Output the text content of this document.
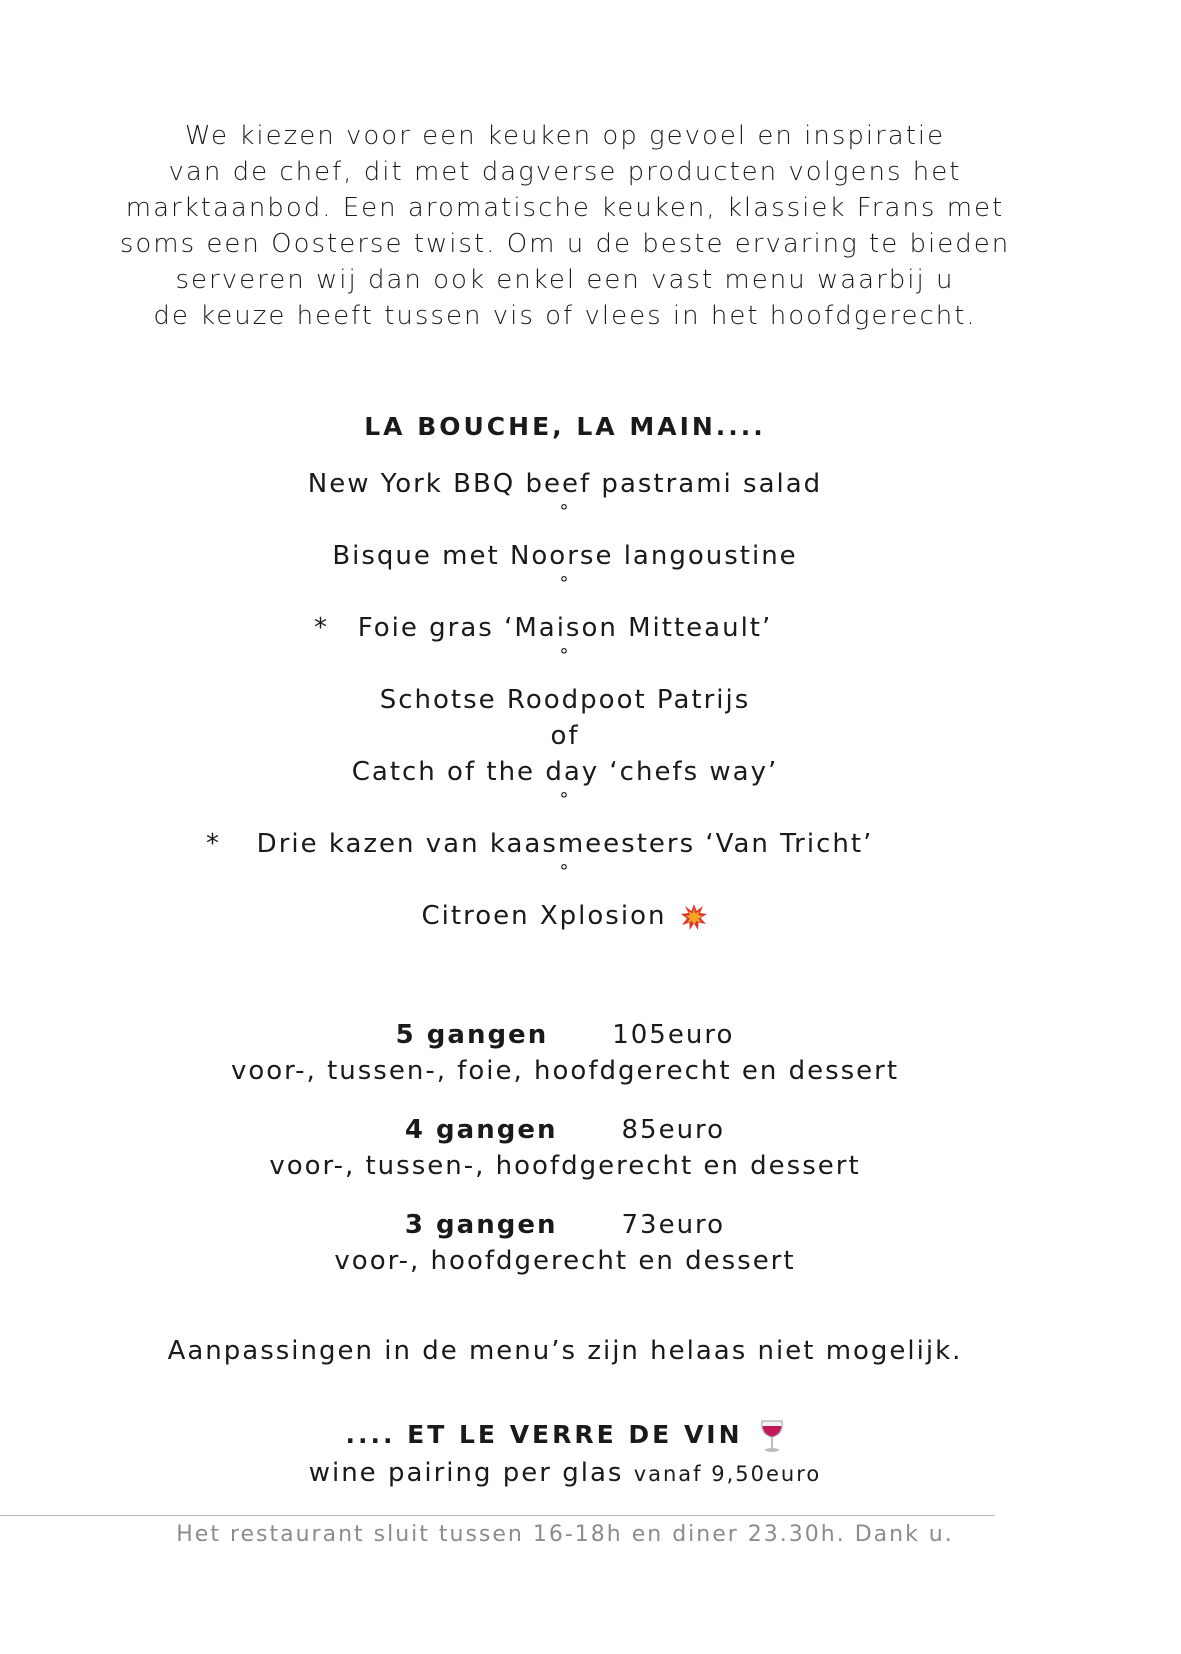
We kiezen voor een keuken op gevoel en inspiratie
van de chef, dit met dagverse producten volgens het
marktaanbod. Een aromatische keuken, klassiek Frans met
soms een Oosterse twist. Om u de beste ervaring te bieden
serveren wij dan ook enkel een vast menu waarbij u
de keuze heeft tussen vis of vlees in het hoofdgerecht.
LA BOUCHE, LA MAIN....
New York BBQ beef pastrami salad
°
Bisque met Noorse langoustine
°
* Foie gras ‘Maison Mitteault’
°
Schotse Roodpoot Patrijs
of
Catch of the day ‘chefs way’
°
* Drie kazen van kaasmeesters ‘Van Tricht’
°
Citroen Xplosion
5 gangen 105euro
voor-, tussen-, foie, hoofdgerecht en dessert
4 gangen 85euro
voor-, tussen-, hoofdgerecht en dessert
3 gangen 73euro
voor-, hoofdgerecht en dessert
Aanpassingen in de menu’s zijn helaas niet mogelijk.
.... ET LE VERRE DE VIN
wine pairing per glas vanaf 9,50euro
Het restaurant sluit tussen 16-18h en diner 23.30h. Dank u.
